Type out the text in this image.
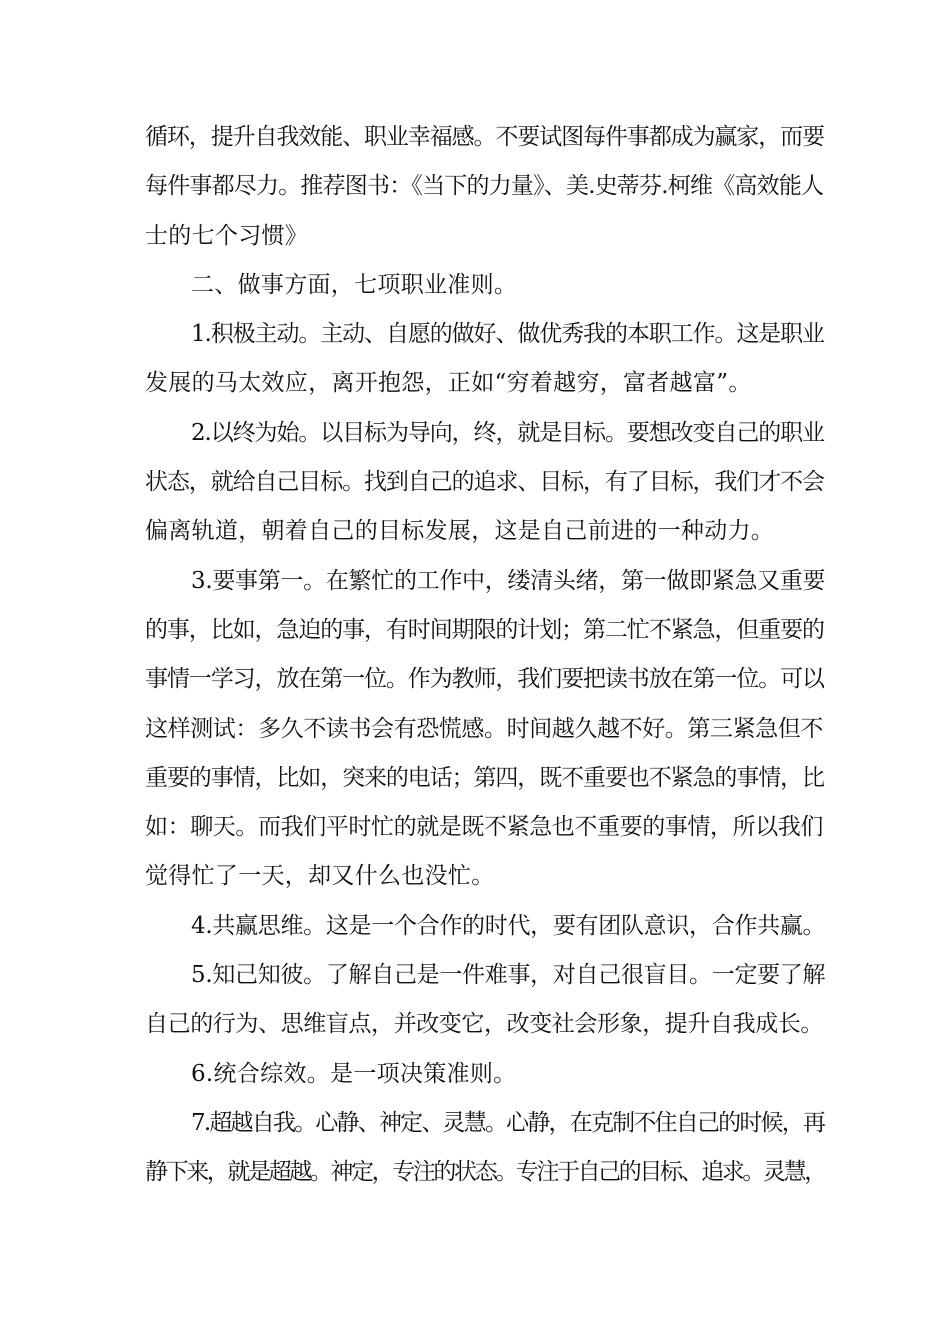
循环，提升自我效能、职业幸福感。不要试图每件事都成为赢家，而要
每件事都尽力。推荐图书：《当下的力量》、美.史蒂芬.柯维《高效能人
士的七个习惯》
二、做事方面，七项职业准则。
1.积极主动。主动、自愿的做好、做优秀我的本职工作。这是职业
发展的马太效应，离开抱怨，正如“穷着越穷，富者越富”。
2.以终为始。以目标为导向，终，就是目标。要想改变自己的职业
状态，就给自己目标。找到自己的追求、目标，有了目标，我们才不会
偏离轨道，朝着自己的目标发展，这是自己前进的一种动力。
3.要事第一。在繁忙的工作中，缕清头绪，第一做即紧急又重要
的事，比如，急迫的事，有时间期限的计划；第二忙不紧急，但重要的
事情一学习，放在第一位。作为教师，我们要把读书放在第一位。可以
这样测试：多久不读书会有恐慌感。时间越久越不好。第三紧急但不
重要的事情，比如，突来的电话；第四，既不重要也不紧急的事情，比
如：聊天。而我们平时忙的就是既不紧急也不重要的事情，所以我们
觉得忙了一天，却又什么也没忙。
4.共赢思维。这是一个合作的时代，要有团队意识，合作共赢。
5.知己知彼。了解自己是一件难事，对自己很盲目。一定要了解
自己的行为、思维盲点，并改变它，改变社会形象，提升自我成长。
6.统合综效。是一项决策准则。
7.超越自我。心静、神定、灵慧。心静，在克制不住自己的时候，再
静下来，就是超越。神定，专注的状态。专注于自己的目标、追求。灵慧，
